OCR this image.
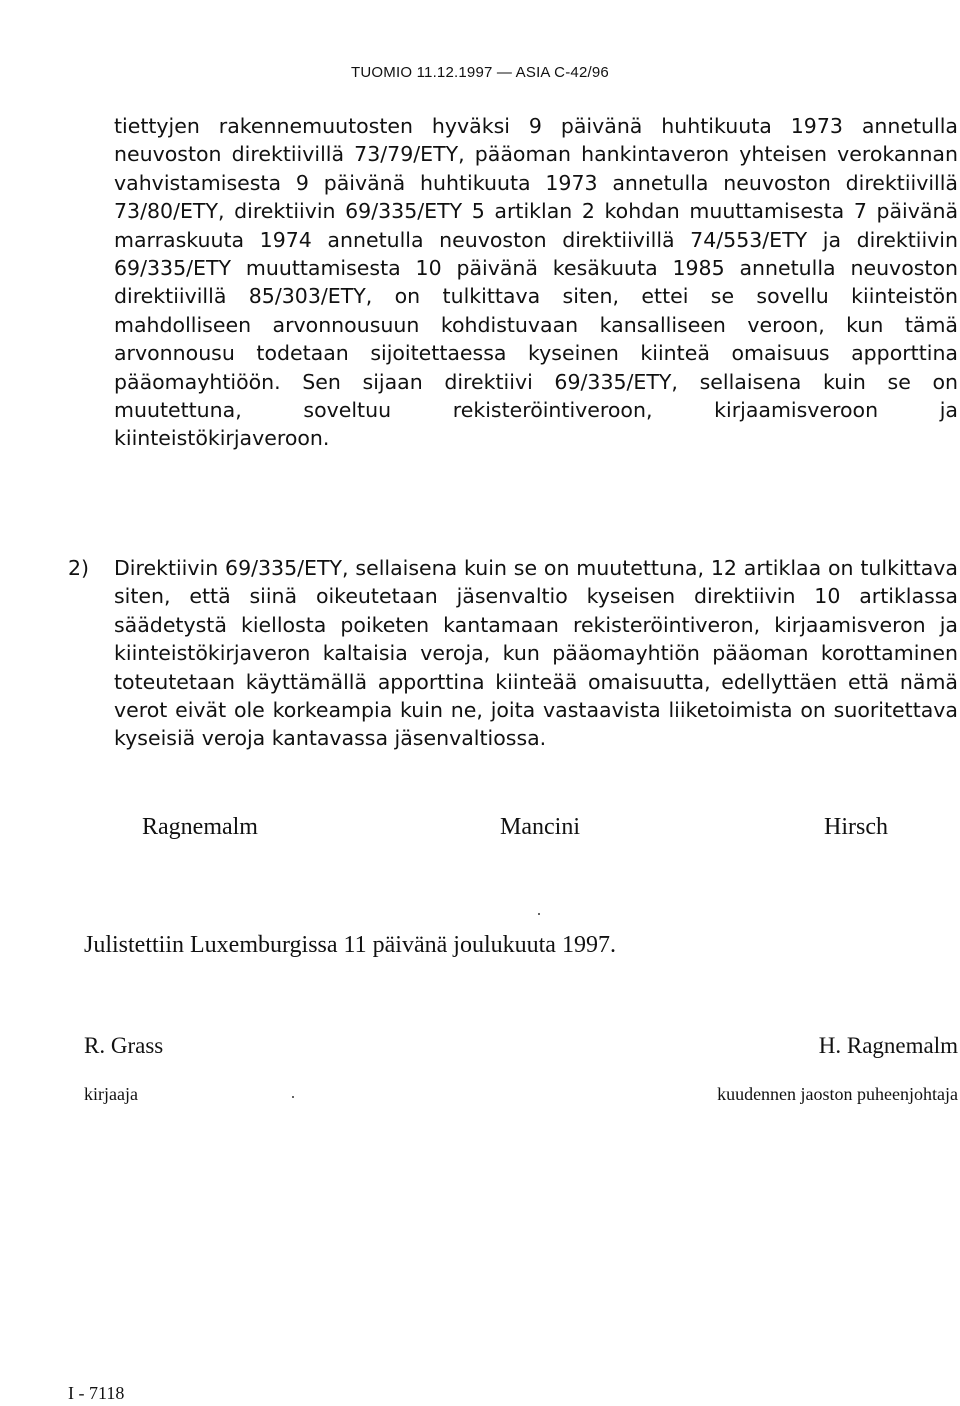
TUOMIO 11.12.1997 — ASIA C-42/96

tiettyjen rakennemuutosten hyväksi 9 päivänä huhtikuuta 1973 annetulla neuvoston direktiivillä 73/79/ETY, pääoman hankintaveron yhteisen verokannan vahvistamisesta 9 päivänä huhtikuuta 1973 annetulla neuvoston direktiivillä 73/80/ETY, direktiivin 69/335/ETY 5 artiklan 2 kohdan muuttamisesta 7 päivänä marraskuuta 1974 annetulla neuvoston direktiivillä 74/553/ETY ja direktiivin 69/335/ETY muuttamisesta 10 päivänä kesäkuuta 1985 annetulla neuvoston direktiivillä 85/303/ETY, on tulkittava siten, ettei se sovellu kiinteistön mahdolliseen arvonnousuun kohdistuvaan kansalliseen veroon, kun tämä arvonnousu todetaan sijoitettaessa kyseinen kiinteä omaisuus apporttina pääomayhtiöön. Sen sijaan direktiivi 69/335/ETY, sellaisena kuin se on muutettuna, soveltuu rekisteröintiveroon, kirjaamisveroon ja kiinteistökirjaveroon.

2) Direktiivin 69/335/ETY, sellaisena kuin se on muutettuna, 12 artiklaa on tulkittava siten, että siinä oikeutetaan jäsenvaltio kyseisen direktiivin 10 artiklassa säädetystä kiellosta poiketen kantamaan rekisteröintiveron, kirjaamisveron ja kiinteistökirjaveron kaltaisia veroja, kun pääomayhtiön pääoman korottaminen toteutetaan käyttämällä apporttina kiinteää omaisuutta, edellyttäen että nämä verot eivät ole korkeampia kuin ne, joita vastaavista liiketoimista on suoritettava kyseisiä veroja kantavassa jäsenvaltiossa.

Ragnemalm	Mancini	Hirsch
Julistettiin Luxemburgissa 11 päivänä joulukuuta 1997.
R. Grass	H. Ragnemalm
kirjaaja	kuudennen jaoston puheenjohtaja
I - 7118
